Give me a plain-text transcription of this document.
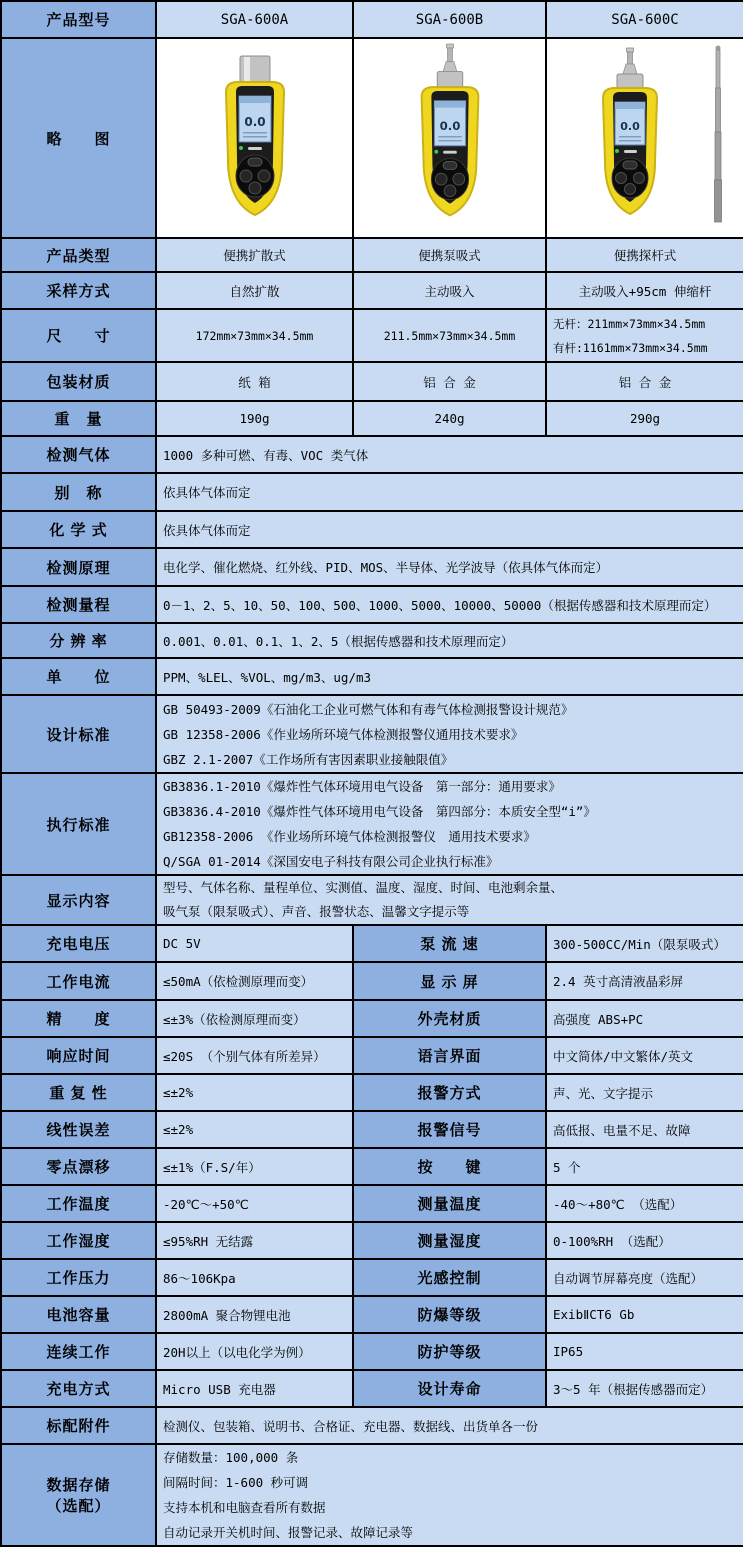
产品型号	SGA-600A	SGA-600B	SGA-600C
略　　图	0.0	0.0	0.0

产品类型	便携扩散式	便携泵吸式	便携探杆式
采样方式	自然扩散	主动吸入	主动吸入+95cm 伸缩杆
尺　　寸	172mm×73mm×34.5mm	211.5mm×73mm×34.5mm	无杆：211mm×73mm×34.5mm
有杆:1161mm×73mm×34.5mm

包装材质	纸 箱	铝 合 金	铝 合 金
重　量	190g	240g	290g
检测气体	1000 多种可燃、有毒、VOC 类气体		
别　称	依具体气体而定		
化 学 式	依具体气体而定		
检测原理	电化学、催化燃烧、红外线、PID、MOS、半导体、光学波导（依具体气体而定）		
检测量程	0－1、2、5、10、50、100、500、1000、5000、10000、50000（根据传感器和技术原理而定）		
分 辨 率	0.001、0.01、0.1、1、2、5（根据传感器和技术原理而定）		
单　　位	PPM、%LEL、%VOL、mg/m3、ug/m3		
设计标准	GB 50493-2009《石油化工企业可燃气体和有毒气体检测报警设计规范》
GB 12358-2006《作业场所环境气体检测报警仪通用技术要求》
GBZ 2.1-2007《工作场所有害因素职业接触限值》		

执行标准	GB3836.1-2010《爆炸性气体环境用电气设备　第一部分：通用要求》
GB3836.4-2010《爆炸性气体环境用电气设备　第四部分：本质安全型“i”》
GB12358-2006 《作业场所环境气体检测报警仪　通用技术要求》
Q/SGA 01-2014《深国安电子科技有限公司企业执行标准》		

显示内容	型号、气体名称、量程单位、实测值、温度、湿度、时间、电池剩余量、
吸气泵（限泵吸式）、声音、报警状态、温馨文字提示等		

充电电压	DC 5V	泵 流 速	300-500CC/Min（限泵吸式）
工作电流	≤50mA（依检测原理而变）	显 示 屏	2.4 英寸高清液晶彩屏
精　　度	≤±3%（依检测原理而变）	外壳材质	高强度 ABS+PC
响应时间	≤20S （个别气体有所差异）	语言界面	中文简体/中文繁体/英文
重 复 性	≤±2%	报警方式	声、光、文字提示
线性误差	≤±2%	报警信号	高低报、电量不足、故障
零点漂移	≤±1%（F.S/年）	按　　键	5 个
工作温度	-20℃～+50℃	测量温度	-40～+80℃ （选配）
工作湿度	≤95%RH 无结露	测量湿度	0-100%RH （选配）
工作压力	86～106Kpa	光感控制	自动调节屏幕亮度（选配）
电池容量	2800mA 聚合物锂电池	防爆等级	ExibⅡCT6 Gb
连续工作	20H以上（以电化学为例）	防护等级	IP65
充电方式	Micro USB 充电器	设计寿命	3～5 年（根据传感器而定）
标配附件	检测仪、包装箱、说明书、合格证、充电器、数据线、出货单各一份		

数据存储
（选配）

存储数量：100,000 条
间隔时间：1-600 秒可调
支持本机和电脑查看所有数据
自动记录开关机时间、报警记录、故障记录等
